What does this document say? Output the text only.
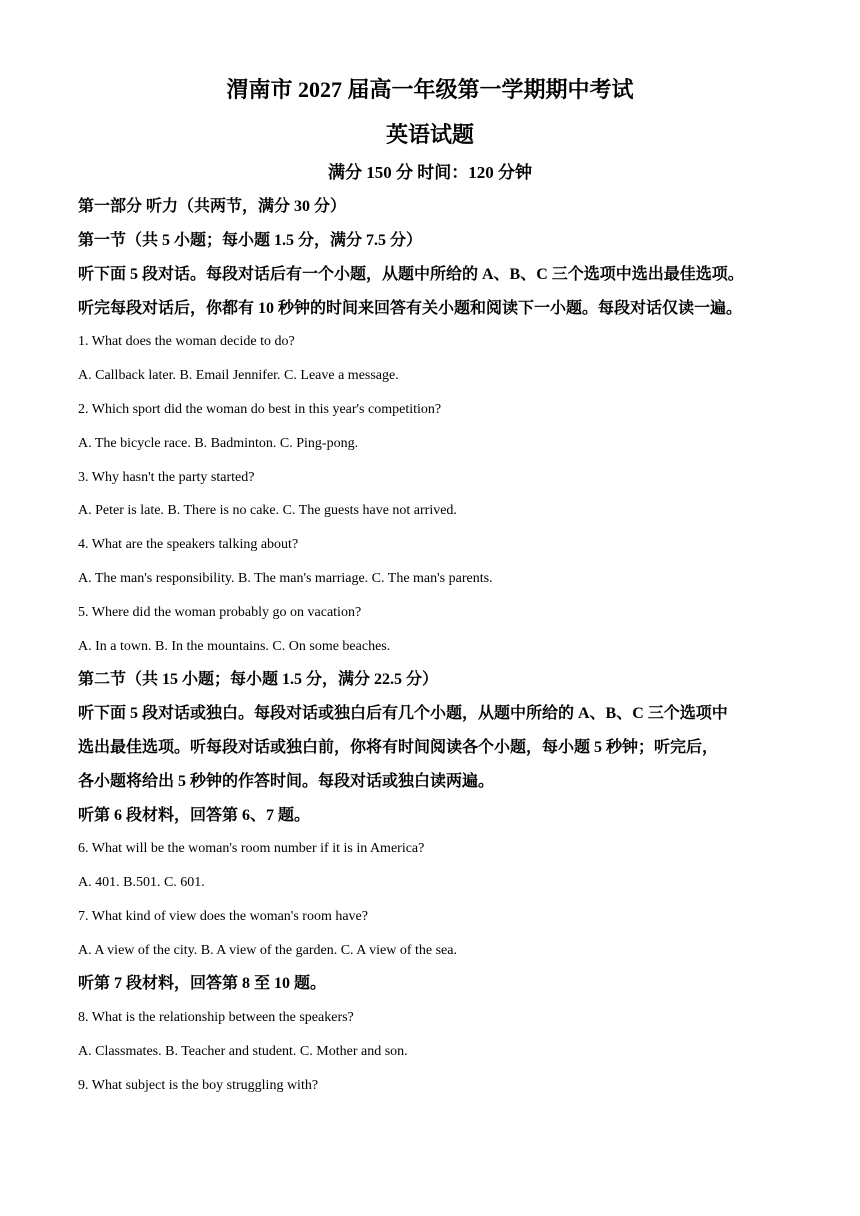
渭南市 2027 届高一年级第一学期期中考试
英语试题
满分 150 分 时间：120 分钟
第一部分 听力（共两节，满分 30 分）
第一节（共 5 小题；每小题 1.5 分，满分 7.5 分）
听下面 5 段对话。每段对话后有一个小题，从题中所给的 A、B、C 三个选项中选出最佳选项。
听完每段对话后，你都有 10 秒钟的时间来回答有关小题和阅读下一小题。每段对话仅读一遍。
1. What does the woman decide to do?
A. Callback later. B. Email Jennifer. C. Leave a message.
2. Which sport did the woman do best in this year's competition?
A. The bicycle race. B. Badminton. C. Ping-pong.
3. Why hasn't the party started?
A. Peter is late. B. There is no cake. C. The guests have not arrived.
4. What are the speakers talking about?
A. The man's responsibility. B. The man's marriage. C. The man's parents.
5. Where did the woman probably go on vacation?
A. In a town. B. In the mountains. C. On some beaches.
第二节（共 15 小题；每小题 1.5 分，满分 22.5 分）
听下面 5 段对话或独白。每段对话或独白后有几个小题，从题中所给的 A、B、C 三个选项中
选出最佳选项。听每段对话或独白前，你将有时间阅读各个小题，每小题 5 秒钟；听完后，
各小题将给出 5 秒钟的作答时间。每段对话或独白读两遍。
听第 6 段材料，回答第 6、7 题。
6. What will be the woman's room number if it is in America?
A. 401. B.501. C. 601.
7. What kind of view does the woman's room have?
A. A view of the city. B. A view of the garden. C. A view of the sea.
听第 7 段材料，回答第 8 至 10 题。
8. What is the relationship between the speakers?
A. Classmates. B. Teacher and student. C. Mother and son.
9. What subject is the boy struggling with?
